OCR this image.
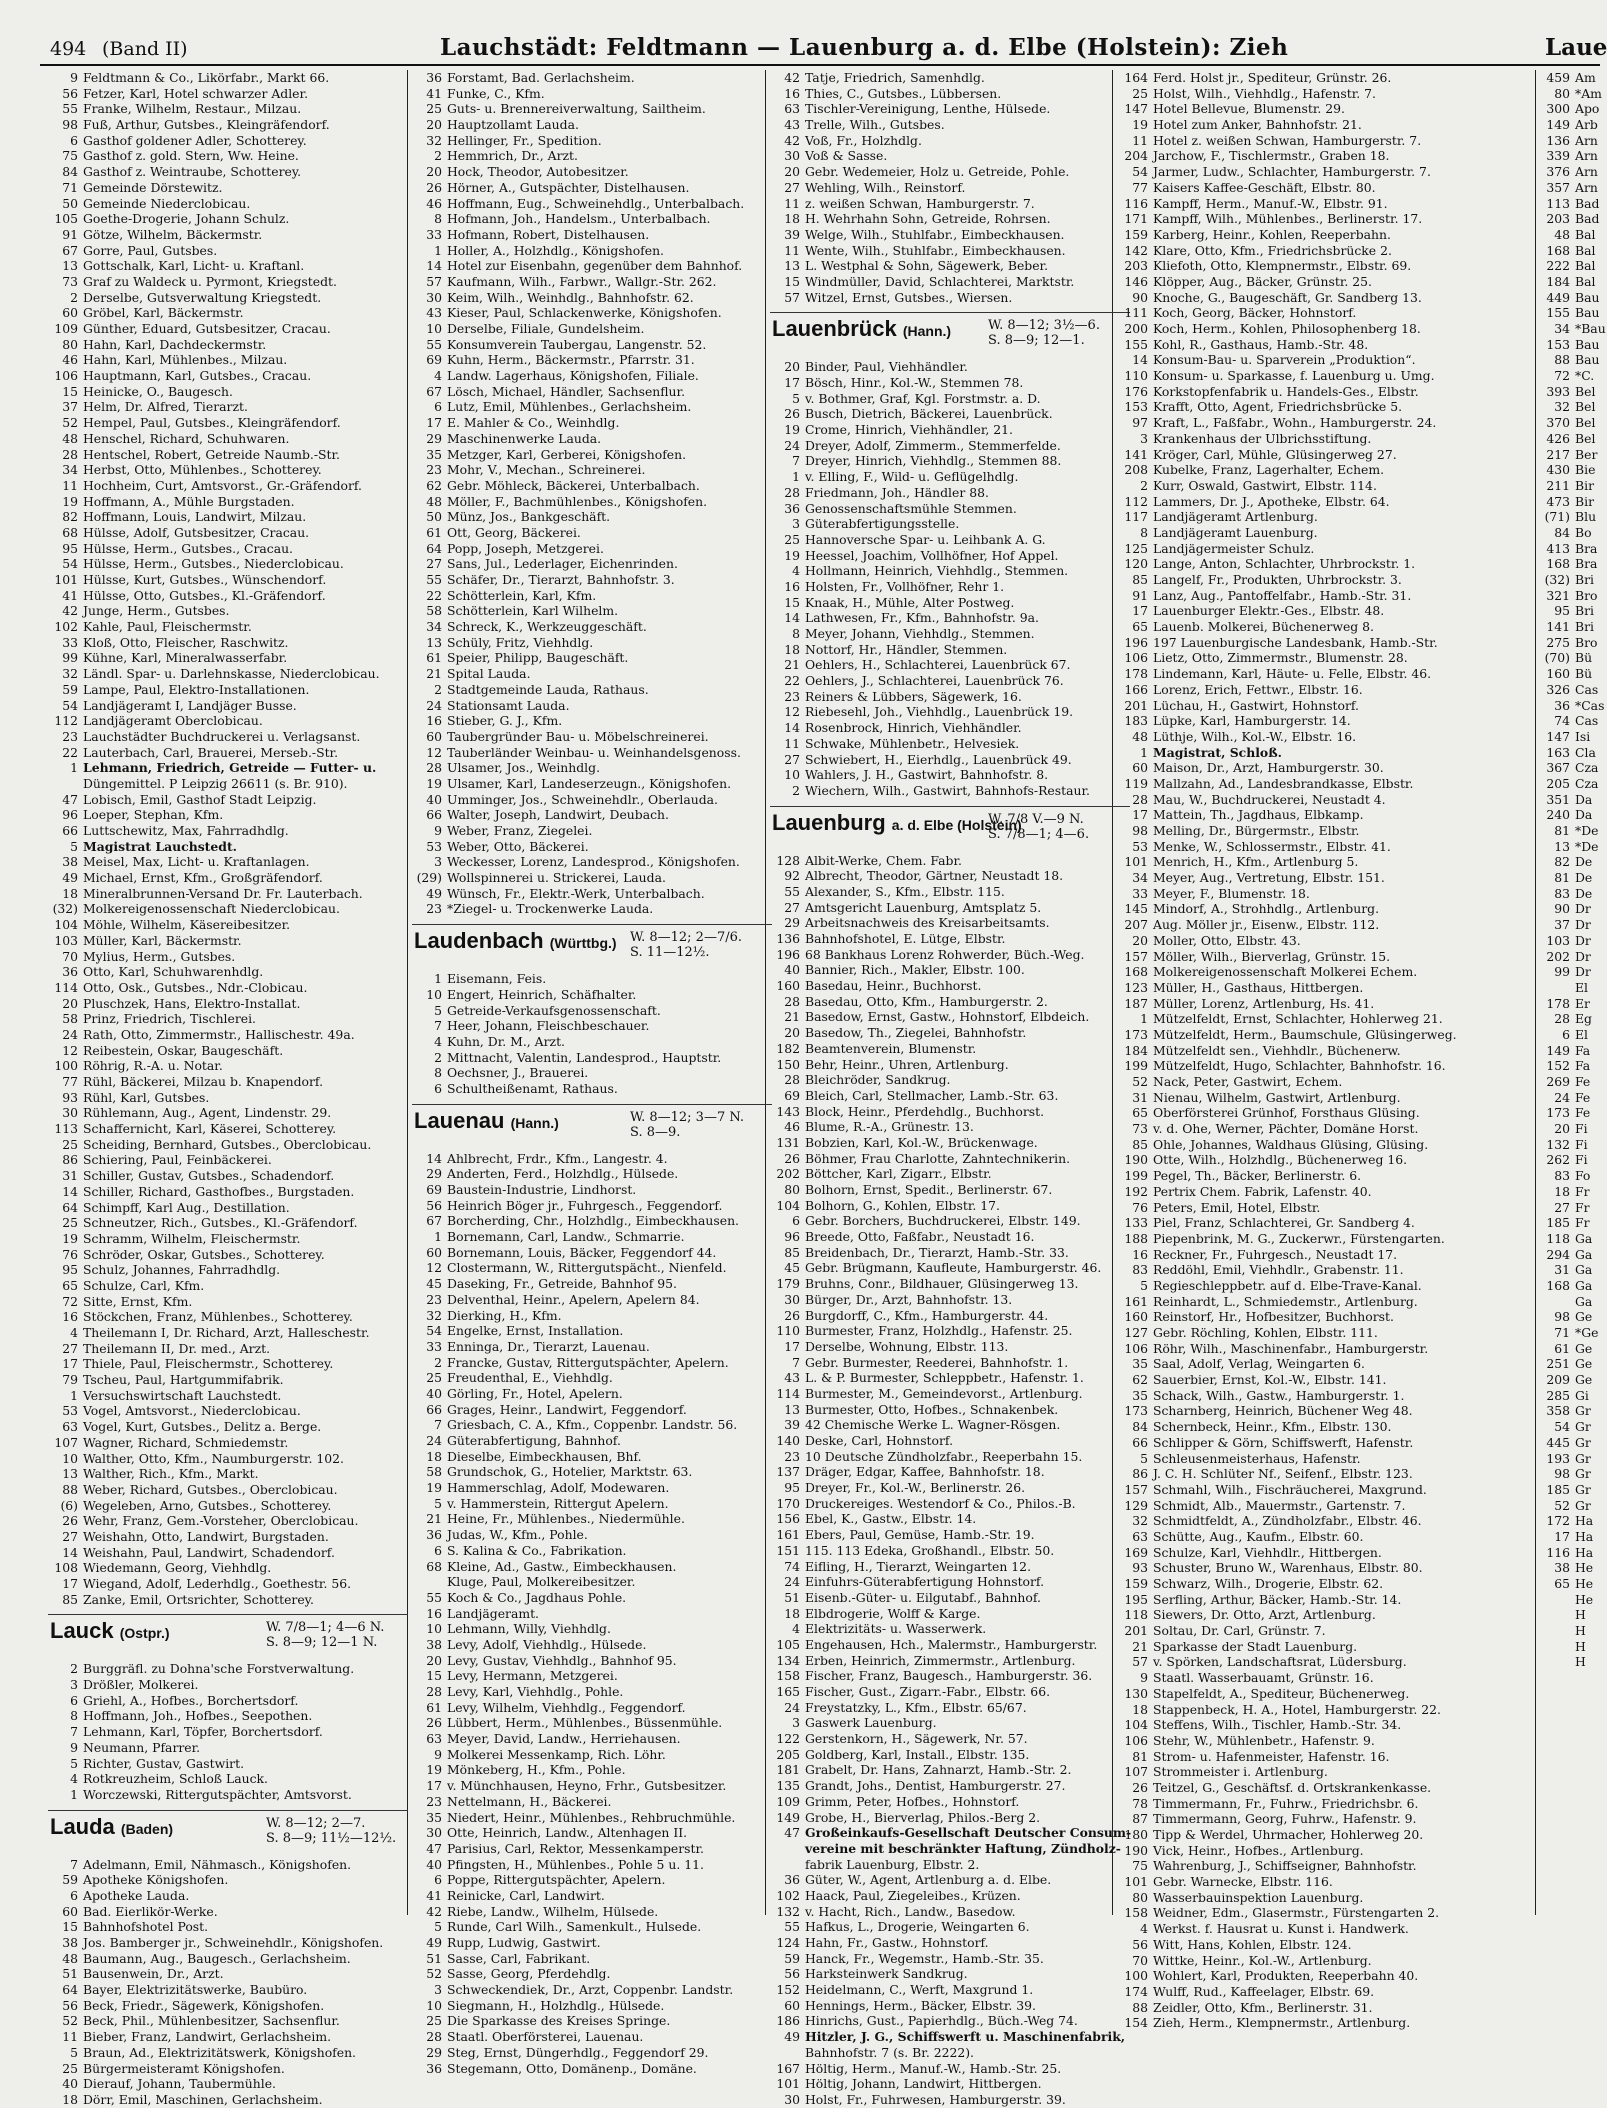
494 (Band II)	Lauchstädt: Feldtmann — Lauenburg a. d. Elbe (Holstein): Zieh	Laue
9 Feldtmann & Co., Likörfabr., Markt 66.
56 Fetzer, Karl, Hotel schwarzer Adler.
55 Franke, Wilhelm, Restaur., Milzau.
98 Fuß, Arthur, Gutsbes., Kleingräfendorf.
6 Gasthof goldener Adler, Schotterey.
75 Gasthof z. gold. Stern, Ww. Heine.
84 Gasthof z. Weintraube, Schotterey.
71 Gemeinde Dörstewitz.
50 Gemeinde Niederclobicau.
105 Goethe-Drogerie, Johann Schulz.
91 Götze, Wilhelm, Bäckermstr.
67 Gorre, Paul, Gutsbes.
13 Gottschalk, Karl, Licht- u. Kraftanl.
73 Graf zu Waldeck u. Pyrmont, Kriegstedt.
2 Derselbe, Gutsverwaltung Kriegstedt.
60 Gröbel, Karl, Bäckermstr.
109 Günther, Eduard, Gutsbesitzer, Cracau.
80 Hahn, Karl, Dachdeckermstr.
46 Hahn, Karl, Mühlenbes., Milzau.
106 Hauptmann, Karl, Gutsbes., Cracau.
15 Heinicke, O., Baugesch.
37 Helm, Dr. Alfred, Tierarzt.
52 Hempel, Paul, Gutsbes., Kleingräfendorf.
48 Henschel, Richard, Schuhwaren.
28 Hentschel, Robert, Getreide Naumb.-Str.
34 Herbst, Otto, Mühlenbes., Schotterey.
11 Hochheim, Curt, Amtsvorst., Gr.-Gräfendorf.
19 Hoffmann, A., Mühle Burgstaden.
82 Hoffmann, Louis, Landwirt, Milzau.
68 Hülsse, Adolf, Gutsbesitzer, Cracau.
95 Hülsse, Herm., Gutsbes., Cracau.
54 Hülsse, Herm., Gutsbes., Niederclobicau.
101 Hülsse, Kurt, Gutsbes., Wünschendorf.
41 Hülsse, Otto, Gutsbes., Kl.-Gräfendorf.
42 Junge, Herm., Gutsbes.
102 Kahle, Paul, Fleischermstr.
33 Kloß, Otto, Fleischer, Raschwitz.
99 Kühne, Karl, Mineralwasserfabr.
32 Ländl. Spar- u. Darlehnskasse, Niederclobicau.
59 Lampe, Paul, Elektro-Installationen.
54 Landjägeramt I, Landjäger Busse.
112 Landjägeramt Oberclobicau.
23 Lauchstädter Buchdruckerei u. Verlagsanst.
22 Lauterbach, Carl, Brauerei, Merseb.-Str.
1 Lehmann, Friedrich, Getreide — Futter- u.
Düngemittel. P Leipzig 26611 (s. Br. 910).
47 Lobisch, Emil, Gasthof Stadt Leipzig.
96 Loeper, Stephan, Kfm.
66 Luttschewitz, Max, Fahrradhdlg.
5 Magistrat Lauchstedt.
38 Meisel, Max, Licht- u. Kraftanlagen.
49 Michael, Ernst, Kfm., Großgräfendorf.
18 Mineralbrunnen-Versand Dr. Fr. Lauterbach.
(32) Molkereigenossenschaft Niederclobicau.
104 Möhle, Wilhelm, Käsereibesitzer.
103 Müller, Karl, Bäckermstr.
70 Mylius, Herm., Gutsbes.
36 Otto, Karl, Schuhwarenhdlg.
114 Otto, Osk., Gutsbes., Ndr.-Clobicau.
20 Pluschzek, Hans, Elektro-Installat.
58 Prinz, Friedrich, Tischlerei.
24 Rath, Otto, Zimmermstr., Hallischestr. 49a.
12 Reibestein, Oskar, Baugeschäft.
100 Röhrig, R.-A. u. Notar.
77 Rühl, Bäckerei, Milzau b. Knapendorf.
93 Rühl, Karl, Gutsbes.
30 Rühlemann, Aug., Agent, Lindenstr. 29.
113 Schaffernicht, Karl, Käserei, Schotterey.
25 Scheiding, Bernhard, Gutsbes., Oberclobicau.
86 Schiering, Paul, Feinbäckerei.
31 Schiller, Gustav, Gutsbes., Schadendorf.
14 Schiller, Richard, Gasthofbes., Burgstaden.
64 Schimpff, Karl Aug., Destillation.
25 Schneutzer, Rich., Gutsbes., Kl.-Gräfendorf.
19 Schramm, Wilhelm, Fleischermstr.
76 Schröder, Oskar, Gutsbes., Schotterey.
95 Schulz, Johannes, Fahrradhdlg.
65 Schulze, Carl, Kfm.
72 Sitte, Ernst, Kfm.
16 Stöckchen, Franz, Mühlenbes., Schotterey.
4 Theilemann I, Dr. Richard, Arzt, Halleschestr.
27 Theilemann II, Dr. med., Arzt.
17 Thiele, Paul, Fleischermstr., Schotterey.
79 Tscheu, Paul, Hartgummifabrik.
1 Versuchswirtschaft Lauchstedt.
53 Vogel, Amtsvorst., Niederclobicau.
63 Vogel, Kurt, Gutsbes., Delitz a. Berge.
107 Wagner, Richard, Schmiedemstr.
10 Walther, Otto, Kfm., Naumburgerstr. 102.
13 Walther, Rich., Kfm., Markt.
88 Weber, Richard, Gutsbes., Oberclobicau.
(6) Wegeleben, Arno, Gutsbes., Schotterey.
26 Wehr, Franz, Gem.-Vorsteher, Oberclobicau.
27 Weishahn, Otto, Landwirt, Burgstaden.
14 Weishahn, Paul, Landwirt, Schadendorf.
108 Wiedemann, Georg, Viehhdlg.
17 Wiegand, Adolf, Lederhdlg., Goethestr. 56.
85 Zanke, Emil, Ortsrichter, Schotterey.
Lauck (Ostpr.)	W. 7/8—1; 4—6 N.
S. 8—9; 12—1 N.
2 Burggräfl. zu Dohna'sche Forstverwaltung.
3 Drößler, Molkerei.
6 Griehl, A., Hofbes., Borchertsdorf.
8 Hoffmann, Joh., Hofbes., Seepothen.
7 Lehmann, Karl, Töpfer, Borchertsdorf.
9 Neumann, Pfarrer.
5 Richter, Gustav, Gastwirt.
4 Rotkreuzheim, Schloß Lauck.
1 Worczewski, Rittergutspächter, Amtsvorst.
Lauda (Baden)	W. 8—12; 2—7.
S. 8—9; 11½—12½.
7 Adelmann, Emil, Nähmasch., Königshofen.
59 Apotheke Königshofen.
6 Apotheke Lauda.
60 Bad. Eierlikör-Werke.
15 Bahnhofshotel Post.
38 Jos. Bamberger jr., Schweinehdlr., Königshofen.
48 Baumann, Aug., Baugesch., Gerlachsheim.
51 Bausenwein, Dr., Arzt.
64 Bayer, Elektrizitätswerke, Baubüro.
56 Beck, Friedr., Sägewerk, Königshofen.
52 Beck, Phil., Mühlenbesitzer, Sachsenflur.
11 Bieber, Franz, Landwirt, Gerlachsheim.
5 Braun, Ad., Elektrizitätswerk, Königshofen.
25 Bürgermeisteramt Königshofen.
40 Dierauf, Johann, Taubermühle.
18 Dörr, Emil, Maschinen, Gerlachsheim.
36 Forstamt, Bad. Gerlachsheim.
41 Funke, C., Kfm.
25 Guts- u. Brennereiverwaltung, Sailtheim.
20 Hauptzollamt Lauda.
32 Hellinger, Fr., Spedition.
2 Hemmrich, Dr., Arzt.
20 Hock, Theodor, Autobesitzer.
26 Hörner, A., Gutspächter, Distelhausen.
46 Hoffmann, Eug., Schweinehdlg., Unterbalbach.
8 Hofmann, Joh., Handelsm., Unterbalbach.
33 Hofmann, Robert, Distelhausen.
1 Holler, A., Holzhdlg., Königshofen.
14 Hotel zur Eisenbahn, gegenüber dem Bahnhof.
57 Kaufmann, Wilh., Farbwr., Wallgr.-Str. 262.
30 Keim, Wilh., Weinhdlg., Bahnhofstr. 62.
43 Kieser, Paul, Schlackenwerke, Königshofen.
10 Derselbe, Filiale, Gundelsheim.
55 Konsumverein Taubergau, Langenstr. 52.
69 Kuhn, Herm., Bäckermstr., Pfarrstr. 31.
4 Landw. Lagerhaus, Königshofen, Filiale.
67 Lösch, Michael, Händler, Sachsenflur.
6 Lutz, Emil, Mühlenbes., Gerlachsheim.
17 E. Mahler & Co., Weinhdlg.
29 Maschinenwerke Lauda.
35 Metzger, Karl, Gerberei, Königshofen.
23 Mohr, V., Mechan., Schreinerei.
62 Gebr. Möhleck, Bäckerei, Unterbalbach.
48 Möller, F., Bachmühlenbes., Königshofen.
50 Münz, Jos., Bankgeschäft.
61 Ott, Georg, Bäckerei.
64 Popp, Joseph, Metzgerei.
27 Sans, Jul., Lederlager, Eichenrinden.
55 Schäfer, Dr., Tierarzt, Bahnhofstr. 3.
22 Schötterlein, Karl, Kfm.
58 Schötterlein, Karl Wilhelm.
34 Schreck, K., Werkzeuggeschäft.
13 Schüly, Fritz, Viehhdlg.
61 Speier, Philipp, Baugeschäft.
21 Spital Lauda.
2 Stadtgemeinde Lauda, Rathaus.
24 Stationsamt Lauda.
16 Stieber, G. J., Kfm.
60 Taubergründer Bau- u. Möbelschreinerei.
12 Tauberländer Weinbau- u. Weinhandelsgenoss.
28 Ulsamer, Jos., Weinhdlg.
19 Ulsamer, Karl, Landeserzeugn., Königshofen.
40 Umminger, Jos., Schweinehdlr., Oberlauda.
66 Walter, Joseph, Landwirt, Deubach.
9 Weber, Franz, Ziegelei.
53 Weber, Otto, Bäckerei.
3 Weckesser, Lorenz, Landesprod., Königshofen.
(29) Wollspinnerei u. Strickerei, Lauda.
49 Wünsch, Fr., Elektr.-Werk, Unterbalbach.
23 *Ziegel- u. Trockenwerke Lauda.
Laudenbach (Württbg.) W. 8—12; 2—7/6.
S. 11—12½.
1 Eisemann, Feis.
10 Engert, Heinrich, Schäfhalter.
5 Getreide-Verkaufsgenossenschaft.
7 Heer, Johann, Fleischbeschauer.
4 Kuhn, Dr. M., Arzt.
2 Mittnacht, Valentin, Landesprod., Hauptstr.
8 Oechsner, J., Brauerei.
6 Schultheißenamt, Rathaus.
Lauenau (Hann.)	W. 8—12; 3—7 N.
S. 8—9.
14 Ahlbrecht, Frdr., Kfm., Langestr. 4.
29 Anderten, Ferd., Holzhdlg., Hülsede.
69 Baustein-Industrie, Lindhorst.
56 Heinrich Böger jr., Fuhrgesch., Feggendorf.
67 Borcherding, Chr., Holzhdlg., Eimbeckhausen.
1 Bornemann, Carl, Landw., Schmarrie.
60 Bornemann, Louis, Bäcker, Feggendorf 44.
12 Clostermann, W., Rittergutspächt., Nienfeld.
45 Daseking, Fr., Getreide, Bahnhof 95.
23 Delventhal, Heinr., Apelern, Apelern 84.
32 Dierking, H., Kfm.
54 Engelke, Ernst, Installation.
33 Enninga, Dr., Tierarzt, Lauenau.
2 Francke, Gustav, Rittergutspächter, Apelern.
25 Freudenthal, E., Viehhdlg.
40 Görling, Fr., Hotel, Apelern.
66 Grages, Heinr., Landwirt, Feggendorf.
7 Griesbach, C. A., Kfm., Coppenbr. Landstr. 56.
24 Güterabfertigung, Bahnhof.
18 Dieselbe, Eimbeckhausen, Bhf.
58 Grundschok, G., Hotelier, Marktstr. 63.
19 Hammerschlag, Adolf, Modewaren.
5 v. Hammerstein, Rittergut Apelern.
21 Heine, Fr., Mühlenbes., Niedermühle.
36 Judas, W., Kfm., Pohle.
6 S. Kalina & Co., Fabrikation.
68 Kleine, Ad., Gastw., Eimbeckhausen.
Kluge, Paul, Molkereibesitzer.
55 Koch & Co., Jagdhaus Pohle.
16 Landjägeramt.
10 Lehmann, Willy, Viehhdlg.
38 Levy, Adolf, Viehhdlg., Hülsede.
20 Levy, Gustav, Viehhdlg., Bahnhof 95.
15 Levy, Hermann, Metzgerei.
28 Levy, Karl, Viehhdlg., Pohle.
61 Levy, Wilhelm, Viehhdlg., Feggendorf.
26 Lübbert, Herm., Mühlenbes., Büssenmühle.
63 Meyer, David, Landw., Herriehausen.
9 Molkerei Messenkamp, Rich. Löhr.
19 Mönkeberg, H., Kfm., Pohle.
17 v. Münchhausen, Heyno, Frhr., Gutsbesitzer.
23 Nettelmann, H., Bäckerei.
35 Niedert, Heinr., Mühlenbes., Rehbruchmühle.
30 Otte, Heinrich, Landw., Altenhagen II.
47 Parisius, Carl, Rektor, Messenkamperstr.
40 Pfingsten, H., Mühlenbes., Pohle 5 u. 11.
6 Poppe, Rittergutspächter, Apelern.
41 Reinicke, Carl, Landwirt.
42 Riebe, Landw., Wilhelm, Hülsede.
5 Runde, Carl Wilh., Samenkult., Hulsede.
49 Rupp, Ludwig, Gastwirt.
51 Sasse, Carl, Fabrikant.
52 Sasse, Georg, Pferdehdlg.
3 Schweckendiek, Dr., Arzt, Coppenbr. Landstr.
10 Siegmann, H., Holzhdlg., Hülsede.
25 Die Sparkasse des Kreises Springe.
28 Staatl. Oberförsterei, Lauenau.
29 Steg, Ernst, Düngerhdlg., Feggendorf 29.
36 Stegemann, Otto, Domänenp., Domäne.
42 Tatje, Friedrich, Samenhdlg.
16 Thies, C., Gutsbes., Lübbersen.
63 Tischler-Vereinigung, Lenthe, Hülsede.
43 Trelle, Wilh., Gutsbes.
42 Voß, Fr., Holzhdlg.
30 Voß & Sasse.
20 Gebr. Wedemeier, Holz u. Getreide, Pohle.
27 Wehling, Wilh., Reinstorf.
11 z. weißen Schwan, Hamburgerstr. 7.
18 H. Wehrhahn Sohn, Getreide, Rohrsen.
39 Welge, Wilh., Stuhlfabr., Eimbeckhausen.
11 Wente, Wilh., Stuhlfabr., Eimbeckhausen.
13 L. Westphal & Sohn, Sägewerk, Beber.
15 Windmüller, David, Schlachterei, Marktstr.
57 Witzel, Ernst, Gutsbes., Wiersen.
Lauenbrück (Hann.)	W. 8—12; 3½—6.
S. 8—9; 12—1.
20 Binder, Paul, Viehhändler.
17 Bösch, Hinr., Kol.-W., Stemmen 78.
5 v. Bothmer, Graf, Kgl. Forstmstr. a. D.
26 Busch, Dietrich, Bäckerei, Lauenbrück.
19 Crome, Hinrich, Viehhändler, 21.
24 Dreyer, Adolf, Zimmerm., Stemmerfelde.
7 Dreyer, Hinrich, Viehhdlg., Stemmen 88.
1 v. Elling, F., Wild- u. Geflügelhdlg.
28 Friedmann, Joh., Händler 88.
36 Genossenschaftsmühle Stemmen.
3 Güterabfertigungsstelle.
25 Hannoversche Spar- u. Leihbank A. G.
19 Heessel, Joachim, Vollhöfner, Hof Appel.
4 Hollmann, Heinrich, Viehhdlg., Stemmen.
16 Holsten, Fr., Vollhöfner, Rehr 1.
15 Knaak, H., Mühle, Alter Postweg.
14 Lathwesen, Fr., Kfm., Bahnhofstr. 9a.
8 Meyer, Johann, Viehhdlg., Stemmen.
18 Nottorf, Hr., Händler, Stemmen.
21 Oehlers, H., Schlachterei, Lauenbrück 67.
22 Oehlers, J., Schlachterei, Lauenbrück 76.
23 Reiners & Lübbers, Sägewerk, 16.
12 Riebesehl, Joh., Viehhdlg., Lauenbrück 19.
14 Rosenbrock, Hinrich, Viehhändler.
11 Schwake, Mühlenbetr., Helvesiek.
27 Schwiebert, H., Eierhdlg., Lauenbrück 49.
10 Wahlers, J. H., Gastwirt, Bahnhofstr. 8.
2 Wiechern, Wilh., Gastwirt, Bahnhofs-Restaur.
Lauenburg a. d. Elbe (Holstein)
W. 7/8 V.—9 N.
S. 7/8—1; 4—6.
128 Albit-Werke, Chem. Fabr.
92 Albrecht, Theodor, Gärtner, Neustadt 18.
55 Alexander, S., Kfm., Elbstr. 115.
27 Amtsgericht Lauenburg, Amtsplatz 5.
29 Arbeitsnachweis des Kreisarbeitsamts.
136 Bahnhofshotel, E. Lütge, Elbstr.
196 68 Bankhaus Lorenz Rohwerder, Büch.-Weg.
40 Bannier, Rich., Makler, Elbstr. 100.
160 Basedau, Heinr., Buchhorst.
28 Basedau, Otto, Kfm., Hamburgerstr. 2.
21 Basedow, Ernst, Gastw., Hohnstorf, Elbdeich.
20 Basedow, Th., Ziegelei, Bahnhofstr.
182 Beamtenverein, Blumenstr.
150 Behr, Heinr., Uhren, Artlenburg.
28 Bleichröder, Sandkrug.
69 Bleich, Carl, Stellmacher, Lamb.-Str. 63.
143 Block, Heinr., Pferdehdlg., Buchhorst.
46 Blume, R.-A., Grünestr. 13.
131 Bobzien, Karl, Kol.-W., Brückenwage.
26 Böhmer, Frau Charlotte, Zahntechnikerin.
202 Böttcher, Karl, Zigarr., Elbstr.
80 Bolhorn, Ernst, Spedit., Berlinerstr. 67.
104 Bolhorn, G., Kohlen, Elbstr. 17.
6 Gebr. Borchers, Buchdruckerei, Elbstr. 149.
96 Breede, Otto, Faßfabr., Neustadt 16.
85 Breidenbach, Dr., Tierarzt, Hamb.-Str. 33.
45 Gebr. Brügmann, Kaufleute, Hamburgerstr. 46.
179 Bruhns, Conr., Bildhauer, Glüsingerweg 13.
30 Bürger, Dr., Arzt, Bahnhofstr. 13.
26 Burgdorff, C., Kfm., Hamburgerstr. 44.
110 Burmester, Franz, Holzhdlg., Hafenstr. 25.
17 Derselbe, Wohnung, Elbstr. 113.
7 Gebr. Burmester, Reederei, Bahnhofstr. 1.
43 L. & P. Burmester, Schleppbetr., Hafenstr. 1.
114 Burmester, M., Gemeindevorst., Artlenburg.
13 Burmester, Otto, Hofbes., Schnakenbek.
39 42 Chemische Werke L. Wagner-Rösgen.
140 Deske, Carl, Hohnstorf.
23 10 Deutsche Zündholzfabr., Reeperbahn 15.
137 Dräger, Edgar, Kaffee, Bahnhofstr. 18.
95 Dreyer, Fr., Kol.-W., Berlinerstr. 26.
170 Druckereiges. Westendorf & Co., Philos.-B.
156 Ebel, K., Gastw., Elbstr. 14.
161 Ebers, Paul, Gemüse, Hamb.-Str. 19.
151 115. 113 Edeka, Großhandl., Elbstr. 50.
74 Eifling, H., Tierarzt, Weingarten 12.
24 Einfuhrs-Güterabfertigung Hohnstorf.
51 Eisenb.-Güter- u. Eilgutabf., Bahnhof.
18 Elbdrogerie, Wolff & Karge.
4 Elektrizitäts- u. Wasserwerk.
105 Engehausen, Hch., Malermstr., Hamburgerstr.
134 Erben, Heinrich, Zimmermstr., Artlenburg.
158 Fischer, Franz, Baugesch., Hamburgerstr. 36.
165 Fischer, Gust., Zigarr.-Fabr., Elbstr. 66.
24 Freystatzky, L., Kfm., Elbstr. 65/67.
3 Gaswerk Lauenburg.
122 Gerstenkorn, H., Sägewerk, Nr. 57.
205 Goldberg, Karl, Install., Elbstr. 135.
181 Grabelt, Dr. Hans, Zahnarzt, Hamb.-Str. 2.
135 Grandt, Johs., Dentist, Hamburgerstr. 27.
109 Grimm, Peter, Hofbes., Hohnstorf.
149 Grobe, H., Bierverlag, Philos.-Berg 2.
47 Großeinkaufs-Gesellschaft Deutscher Consum-
vereine mit beschränkter Haftung, Zündholz-
fabrik Lauenburg, Elbstr. 2.
36 Güter, W., Agent, Artlenburg a. d. Elbe.
102 Haack, Paul, Ziegeleibes., Krüzen.
132 v. Hacht, Rich., Landw., Basedow.
55 Hafkus, L., Drogerie, Weingarten 6.
124 Hahn, Fr., Gastw., Hohnstorf.
59 Hanck, Fr., Wegemstr., Hamb.-Str. 35.
56 Harksteinwerk Sandkrug.
152 Heidelmann, C., Werft, Maxgrund 1.
60 Hennings, Herm., Bäcker, Elbstr. 39.
186 Hinrichs, Gust., Papierhdlg., Büch.-Weg 74.
49 Hitzler, J. G., Schiffswerft u. Maschinenfabrik,
Bahnhofstr. 7 (s. Br. 2222).
167 Höltig, Herm., Manuf.-W., Hamb.-Str. 25.
101 Höltig, Johann, Landwirt, Hittbergen.
30 Holst, Fr., Fuhrwesen, Hamburgerstr. 39.
164 Ferd. Holst jr., Spediteur, Grünstr. 26.
25 Holst, Wilh., Viehhdlg., Hafenstr. 7.
147 Hotel Bellevue, Blumenstr. 29.
19 Hotel zum Anker, Bahnhofstr. 21.
11 Hotel z. weißen Schwan, Hamburgerstr. 7.
204 Jarchow, F., Tischlermstr., Graben 18.
54 Jarmer, Ludw., Schlachter, Hamburgerstr. 7.
77 Kaisers Kaffee-Geschäft, Elbstr. 80.
116 Kampff, Herm., Manuf.-W., Elbstr. 91.
171 Kampff, Wilh., Mühlenbes., Berlinerstr. 17.
159 Karberg, Heinr., Kohlen, Reeperbahn.
142 Klare, Otto, Kfm., Friedrichsbrücke 2.
203 Kliefoth, Otto, Klempnermstr., Elbstr. 69.
146 Klöpper, Aug., Bäcker, Grünstr. 25.
90 Knoche, G., Baugeschäft, Gr. Sandberg 13.
111 Koch, Georg, Bäcker, Hohnstorf.
200 Koch, Herm., Kohlen, Philosophenberg 18.
155 Kohl, R., Gasthaus, Hamb.-Str. 48.
14 Konsum-Bau- u. Sparverein „Produktion“.
110 Konsum- u. Sparkasse, f. Lauenburg u. Umg.
176 Korkstopfenfabrik u. Handels-Ges., Elbstr.
153 Krafft, Otto, Agent, Friedrichsbrücke 5.
97 Kraft, L., Faßfabr., Wohn., Hamburgerstr. 24.
3 Krankenhaus der Ulbrichsstiftung.
141 Kröger, Carl, Mühle, Glüsingerweg 27.
208 Kubelke, Franz, Lagerhalter, Echem.
2 Kurr, Oswald, Gastwirt, Elbstr. 114.
112 Lammers, Dr. J., Apotheke, Elbstr. 64.
117 Landjägeramt Artlenburg.
8 Landjägeramt Lauenburg.
125 Landjägermeister Schulz.
120 Lange, Anton, Schlachter, Uhrbrockstr. 1.
85 Langelf, Fr., Produkten, Uhrbrockstr. 3.
91 Lanz, Aug., Pantoffelfabr., Hamb.-Str. 31.
17 Lauenburger Elektr.-Ges., Elbstr. 48.
65 Lauenb. Molkerei, Büchenerweg 8.
196 197 Lauenburgische Landesbank, Hamb.-Str.
106 Lietz, Otto, Zimmermstr., Blumenstr. 28.
178 Lindemann, Karl, Häute- u. Felle, Elbstr. 46.
166 Lorenz, Erich, Fettwr., Elbstr. 16.
201 Lüchau, H., Gastwirt, Hohnstorf.
183 Lüpke, Karl, Hamburgerstr. 14.
48 Lüthje, Wilh., Kol.-W., Elbstr. 16.
1 Magistrat, Schloß.
60 Maison, Dr., Arzt, Hamburgerstr. 30.
119 Mallzahn, Ad., Landesbrandkasse, Elbstr.
28 Mau, W., Buchdruckerei, Neustadt 4.
17 Mattein, Th., Jagdhaus, Elbkamp.
98 Melling, Dr., Bürgermstr., Elbstr.
53 Menke, W., Schlossermstr., Elbstr. 41.
101 Menrich, H., Kfm., Artlenburg 5.
34 Meyer, Aug., Vertretung, Elbstr. 151.
33 Meyer, F., Blumenstr. 18.
145 Mindorf, A., Strohhdlg., Artlenburg.
207 Aug. Möller jr., Eisenw., Elbstr. 112.
20 Moller, Otto, Elbstr. 43.
157 Möller, Wilh., Bierverlag, Grünstr. 15.
168 Molkereigenossenschaft Molkerei Echem.
123 Müller, H., Gasthaus, Hittbergen.
187 Müller, Lorenz, Artlenburg, Hs. 41.
1 Mützelfeldt, Ernst, Schlachter, Hohlerweg 21.
173 Mützelfeldt, Herm., Baumschule, Glüsingerweg.
184 Mützelfeldt sen., Viehhdlr., Büchenerw.
199 Mützelfeldt, Hugo, Schlachter, Bahnhofstr. 16.
52 Nack, Peter, Gastwirt, Echem.
31 Nienau, Wilhelm, Gastwirt, Artlenburg.
65 Oberförsterei Grünhof, Forsthaus Glüsing.
73 v. d. Ohe, Werner, Pächter, Domäne Horst.
85 Ohle, Johannes, Waldhaus Glüsing, Glüsing.
190 Otte, Wilh., Holzhdlg., Büchenerweg 16.
199 Pegel, Th., Bäcker, Berlinerstr. 6.
192 Pertrix Chem. Fabrik, Lafenstr. 40.
76 Peters, Emil, Hotel, Elbstr.
133 Piel, Franz, Schlachterei, Gr. Sandberg 4.
188 Piepenbrink, M. G., Zuckerwr., Fürstengarten.
16 Reckner, Fr., Fuhrgesch., Neustadt 17.
83 Reddöhl, Emil, Viehhdlr., Grabenstr. 11.
5 Regieschleppbetr. auf d. Elbe-Trave-Kanal.
161 Reinhardt, L., Schmiedemstr., Artlenburg.
160 Reinstorf, Hr., Hofbesitzer, Buchhorst.
127 Gebr. Röchling, Kohlen, Elbstr. 111.
106 Röhr, Wilh., Maschinenfabr., Hamburgerstr.
35 Saal, Adolf, Verlag, Weingarten 6.
62 Sauerbier, Ernst, Kol.-W., Elbstr. 141.
35 Schack, Wilh., Gastw., Hamburgerstr. 1.
173 Scharnberg, Heinrich, Büchener Weg 48.
84 Schernbeck, Heinr., Kfm., Elbstr. 130.
66 Schlipper & Görn, Schiffswerft, Hafenstr.
5 Schleusenmeisterhaus, Hafenstr.
86 J. C. H. Schlüter Nf., Seifenf., Elbstr. 123.
157 Schmahl, Wilh., Fischräucherei, Maxgrund.
129 Schmidt, Alb., Mauermstr., Gartenstr. 7.
32 Schmidtfeldt, A., Zündholzfabr., Elbstr. 46.
63 Schütte, Aug., Kaufm., Elbstr. 60.
169 Schulze, Karl, Viehhdlr., Hittbergen.
93 Schuster, Bruno W., Warenhaus, Elbstr. 80.
159 Schwarz, Wilh., Drogerie, Elbstr. 62.
195 Serfling, Arthur, Bäcker, Hamb.-Str. 14.
118 Siewers, Dr. Otto, Arzt, Artlenburg.
201 Soltau, Dr. Carl, Grünstr. 7.
21 Sparkasse der Stadt Lauenburg.
57 v. Spörken, Landschaftsrat, Lüdersburg.
9 Staatl. Wasserbauamt, Grünstr. 16.
130 Stapelfeldt, A., Spediteur, Büchenerweg.
18 Stappenbeck, H. A., Hotel, Hamburgerstr. 22.
104 Steffens, Wilh., Tischler, Hamb.-Str. 34.
106 Stehr, W., Mühlenbetr., Hafenstr. 9.
81 Strom- u. Hafenmeister, Hafenstr. 16.
107 Strommeister i. Artlenburg.
26 Teitzel, G., Geschäftsf. d. Ortskrankenkasse.
78 Timmermann, Fr., Fuhrw., Friedrichsbr. 6.
87 Timmermann, Georg, Fuhrw., Hafenstr. 9.
180 Tipp & Werdel, Uhrmacher, Hohlerweg 20.
190 Vick, Heinr., Hofbes., Artlenburg.
75 Wahrenburg, J., Schiffseigner, Bahnhofstr.
101 Gebr. Warnecke, Elbstr. 116.
80 Wasserbauinspektion Lauenburg.
158 Weidner, Edm., Glasermstr., Fürstengarten 2.
4 Werkst. f. Hausrat u. Kunst i. Handwerk.
56 Witt, Hans, Kohlen, Elbstr. 124.
70 Wittke, Heinr., Kol.-W., Artlenburg.
100 Wohlert, Karl, Produkten, Reeperbahn 40.
174 Wulff, Rud., Kaffeelager, Elbstr. 69.
88 Zeidler, Otto, Kfm., Berlinerstr. 31.
154 Zieh, Herm., Klempnermstr., Artlenburg.
459 Am
80 *Am
300 Apo
149 Arb
136 Arn
339 Arn
376 Arn
357 Arn
113 Bad
203 Bad
48 Bal
168 Bal
222 Bal
184 Bal
449 Bau
155 Bau
34 *Bau
153 Bau
88 Bau
72 *C.
393 Bel
32 Bel
370 Bel
426 Bel
217 Ber
430 Bie
211 Bir
473 Bir
(71) Blu
84 Bo
413 Bra
168 Bra
(32) Bri
321 Bro
95 Bri
141 Bri
275 Bro
(70) Bü
160 Bü
326 Cas
36 *Cas
74 Cas
147 Isi
163 Cla
367 Cza
205 Cza
351 Da
240 Da
81 *De
13 *De
82 De
81 De
83 De
90 Dr
37 Dr
103 Dr
202 Dr
99 Dr
El
178 Er
28 Eg
6 El
149 Fa
152 Fa
269 Fe
24 Fe
173 Fe
20 Fi
132 Fi
262 Fi
83 Fo
18 Fr
27 Fr
185 Fr
118 Ga
294 Ga
31 Ga
168 Ga
Ga
98 Ge
71 *Ge
61 Ge
251 Ge
209 Ge
285 Gi
358 Gr
54 Gr
445 Gr
193 Gr
98 Gr
185 Gr
52 Gr
172 Ha
17 Ha
116 Ha
38 He
65 He
He
H
H
H
H
